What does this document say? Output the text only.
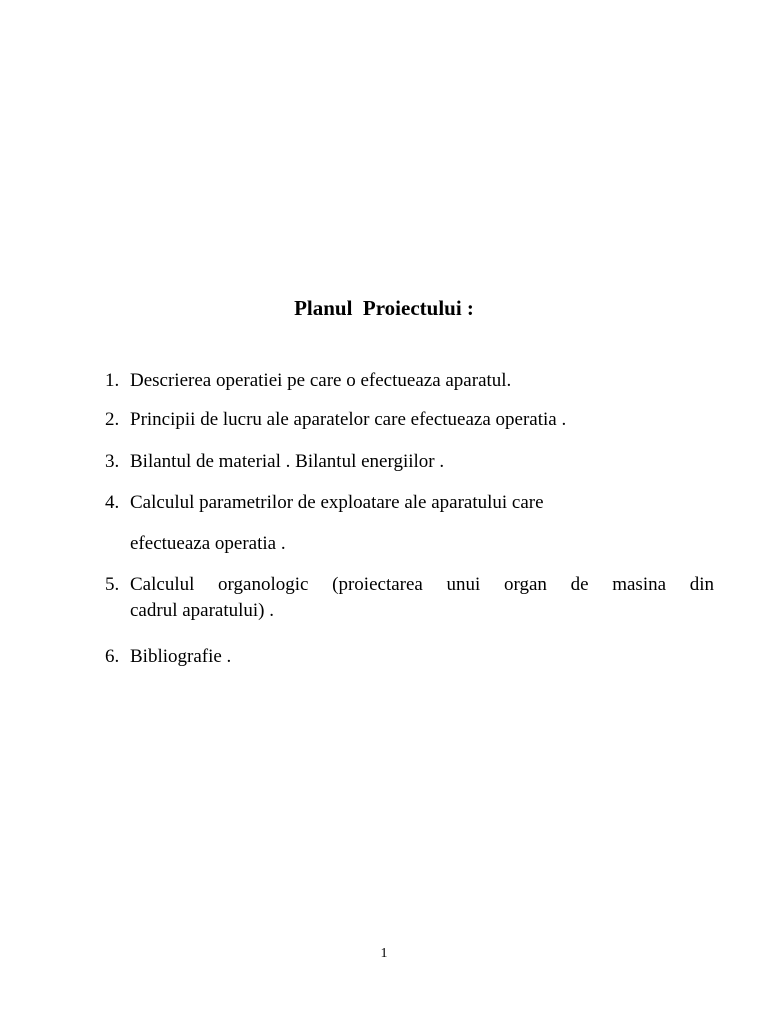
Planul  Proiectului :
1. Descrierea operatiei pe care o efectueaza aparatul.
2. Principii de lucru ale aparatelor care efectueaza operatia .
3. Bilantul de material . Bilantul energiilor .
4. Calculul parametrilor de exploatare ale aparatului care
efectueaza operatia .
5. Calculul organologic (proiectarea unui organ de masina din
cadrul aparatului) .
6. Bibliografie .
1
